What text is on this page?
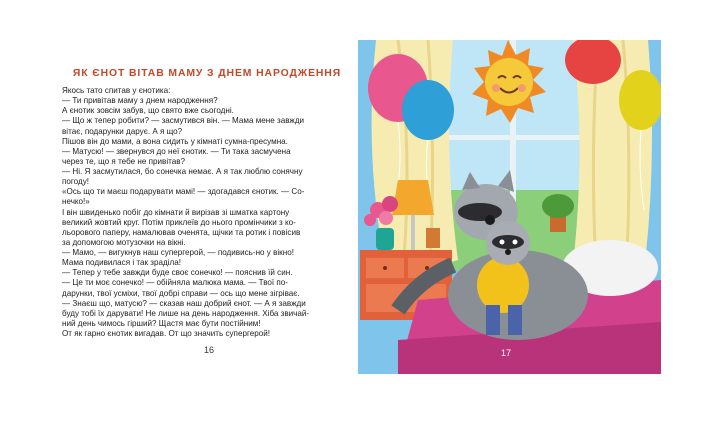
ЯК ЄНОТ ВІТАВ МАМУ З ДНЕМ НАРОДЖЕННЯ

Якось тато спитав у єнотика:

— Ти привітав маму з днем народження?

А єнотик зовсім забув, що свято вже сьогодні.

— Що ж тепер робити? — засмутився він. — Мама мене завжди

вітає, подарунки дарує. А я що?

Пішов він до мами, а вона сидить у кімнаті сумна-пресумна.

— Матусю! — звернувся до неї єнотик. — Ти така засмучена

через те, що я тебе не привітав?

— Ні. Я засмутилася, бо сонечка немає. А я так люблю сонячну

погоду!

«Ось що ти маєш подарувати мамі! — здогадався єнотик. — Со-

нечко!»

І він швиденько побіг до кімнати й вирізав зі шматка картону

великий жовтий круг. Потім приклеїв до нього промінчики з ко-

льорового паперу, намалював оченята, щічки та ротик і повісив

за допомогою мотузочки на вікні.

— Мамо, — вигукнув наш супергерой, — подивись-но у вікно!

Мама подивилася і так зраділа!

— Тепер у тебе завжди буде своє сонечко! — пояснив їй син.

— Це ти моє сонечко! — обійняла малюка мама. — Твої по-

дарунки, твої усміхи, твої добрі справи — ось що мене зігріває.

— Знаєш що, матусю? — сказав наш добрий єнот. — А я завжди

буду тобі їх дарувати! Не лише на день народження. Хіба звичай-

ний день чимось гірший? Щастя має бути постійним!

От як гарно єнотик вигадав. От що значить супергерой!

16	17
